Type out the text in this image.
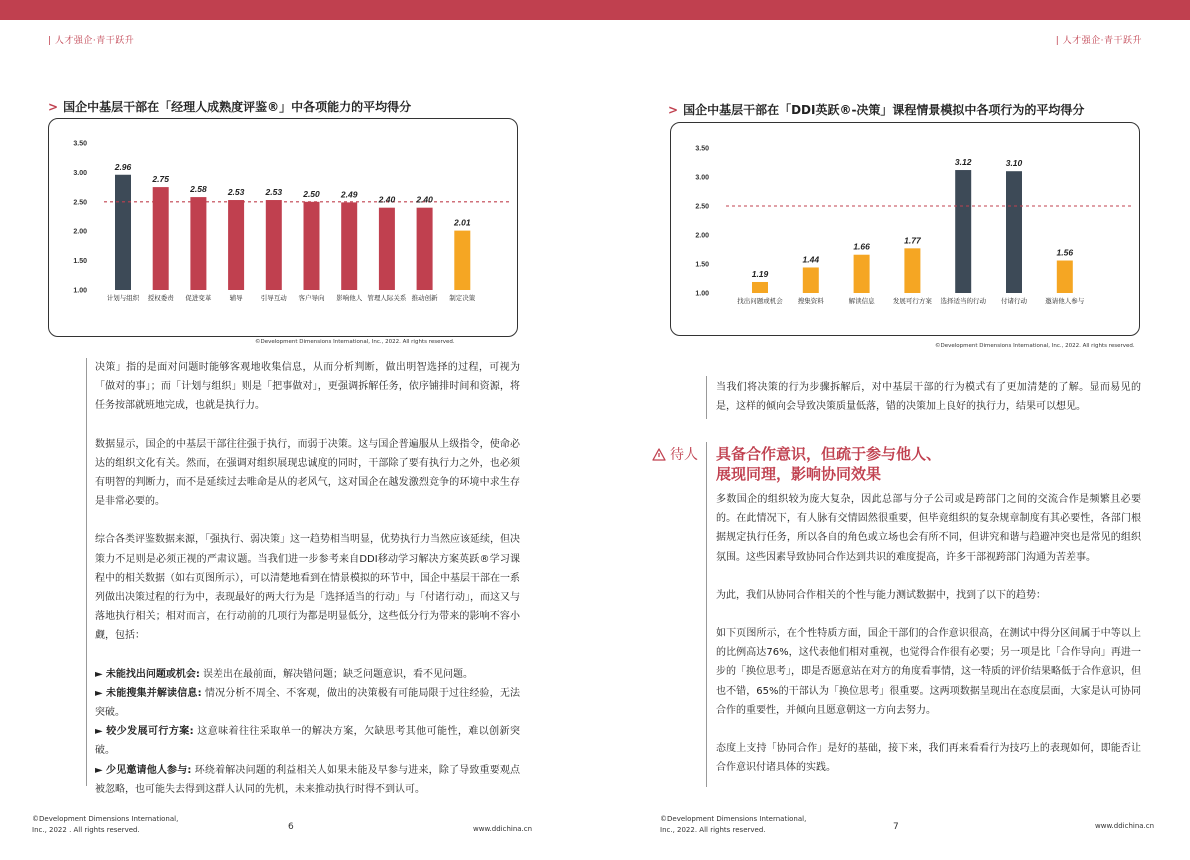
| 人才强企·青干跃升	| 人才强企·青干跃升
> 国企中基层干部在「经理人成熟度评鉴®」中各项能力的平均得分
3.50
3.00
2.50
2.00
1.50
1.00
2.96
计划与组织
2.75
授权委责
2.58
促进变革
2.53
辅导
2.53
引导互动
2.50
客户导向
2.49
影响他人
2.40
管理人际关系
2.40
推动创新
2.01
制定决策
©Development Dimensions International, Inc., 2022. All rights reserved.

决策」指的是面对问题时能够客观地收集信息，从而分析判断，做出明智选择的过程，可视为「做对的事」；而「计划与组织」则是「把事做对」，更强调拆解任务，依序铺排时间和资源，将任务按部就班地完成，也就是执行力。

数据显示，国企的中基层干部往往强于执行，而弱于决策。这与国企普遍服从上级指令，使命必达的组织文化有关。然而，在强调对组织展现忠诚度的同时，干部除了要有执行力之外，也必须有明智的判断力，而不是延续过去唯命是从的老风气，这对国企在越发激烈竞争的环境中求生存是非常必要的。

综合各类评鉴数据来源，「强执行、弱决策」这一趋势相当明显，优势执行力当然应该延续，但决策力不足则是必须正视的严肃议题。当我们进一步参考来自DDI移动学习解决方案英跃®学习课程中的相关数据（如右页图所示），可以清楚地看到在情景模拟的环节中，国企中基层干部在一系列做出决策过程的行为中，表现最好的两大行为是「选择适当的行动」与「付诸行动」，而这又与落地执行相关；相对而言，在行动前的几项行为都是明显低分，这些低分行为带来的影响不容小觑，包括：

► 未能找出问题或机会: 误差出在最前面，解决错问题；缺乏问题意识，看不见问题。
► 未能搜集并解读信息: 情况分析不周全、不客观，做出的决策极有可能局限于过往经验，无法突破。
► 较少发展可行方案: 这意味着往往采取单一的解决方案，欠缺思考其他可能性，难以创新突破。
► 少见邀请他人参与: 环绕着解决问题的利益相关人如果未能及早参与进来，除了导致重要观点被忽略，也可能失去得到这群人认同的先机，未来推动执行时得不到认可。
©Development Dimensions International,
Inc., 2022 . All rights reserved.	6	www.ddichina.cn
> 国企中基层干部在「DDI英跃®-决策」课程情景模拟中各项行为的平均得分
3.50
3.00
2.50
2.00
1.50
1.00
1.19
找出问题或机会
1.44
搜集资料
1.66
解读信息
1.77
发展可行方案
3.12
选择适当的行动
3.10
付诸行动
1.56
邀请他人参与
©Development Dimensions International, Inc., 2022. All rights reserved.

当我们将决策的行为步骤拆解后，对中基层干部的行为模式有了更加清楚的了解。显而易见的是，这样的倾向会导致决策质量低落，错的决策加上良好的执行力，结果可以想见。

待人 具备合作意识，但疏于参与他人、
展现同理，影响协同效果

多数国企的组织较为庞大复杂，因此总部与分子公司或是跨部门之间的交流合作是频繁且必要的。在此情况下，有人脉有交情固然很重要，但毕竟组织的复杂规章制度有其必要性，各部门根据规定执行任务，所以各自的角色或立场也会有所不同，但讲究和谐与趋避冲突也是常见的组织氛围。这些因素导致协同合作达到共识的难度提高，许多干部视跨部门沟通为苦差事。

为此，我们从协同合作相关的个性与能力测试数据中，找到了以下的趋势：

如下页图所示，在个性特质方面，国企干部们的合作意识很高，在测试中得分区间属于中等以上的比例高达76%，这代表他们相对重视，也觉得合作很有必要；另一项是比「合作导向」再进一步的「换位思考」，即是否愿意站在对方的角度看事情，这一特质的评价结果略低于合作意识，但也不错，65%的干部认为「换位思考」很重要。这两项数据呈现出在态度层面，大家是认可协同合作的重要性，并倾向且愿意朝这一方向去努力。

态度上支持「协同合作」是好的基础，接下来，我们再来看看行为技巧上的表现如何，即能否让合作意识付诸具体的实践。

©Development Dimensions International,
Inc., 2022. All rights reserved.	7	www.ddichina.cn
